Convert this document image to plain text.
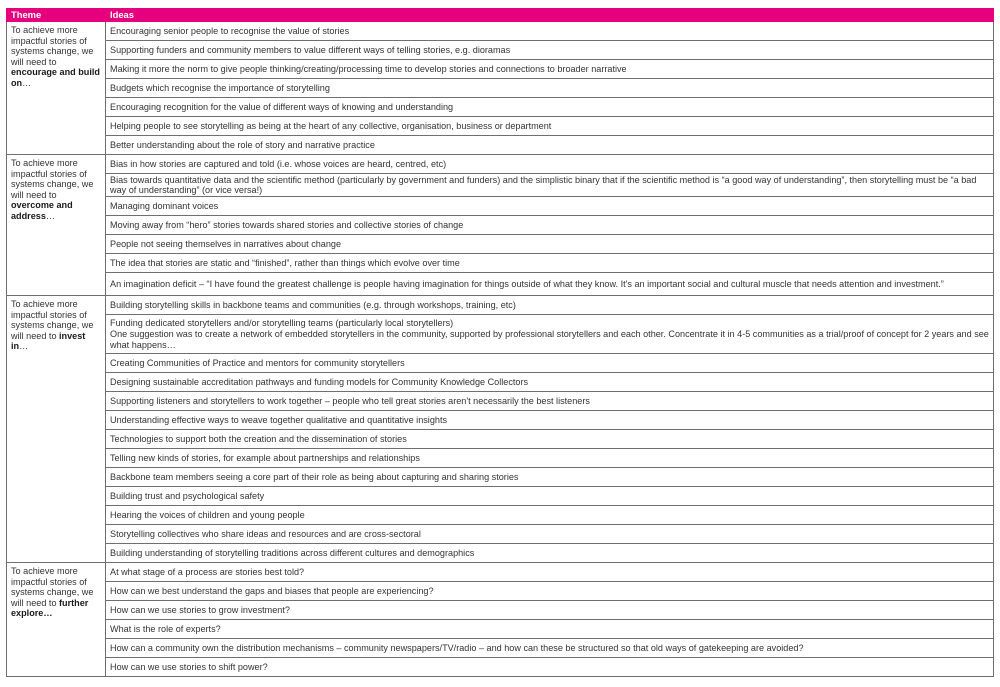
Theme	Ideas
To achieve more impactful stories of systems change, we will need to encourage and build on…	Encouraging senior people to recognise the value of stories
	Supporting funders and community members to value different ways of telling stories, e.g. dioramas
	Making it more the norm to give people thinking/creating/processing time to develop stories and connections to broader narrative
	Budgets which recognise the importance of storytelling
	Encouraging recognition for the value of different ways of knowing and understanding
	Helping people to see storytelling as being at the heart of any collective, organisation, business or department
	Better understanding about the role of story and narrative practice
To achieve more impactful stories of systems change, we will need to overcome and address…	Bias in how stories are captured and told (i.e. whose voices are heard, centred, etc)
	Bias towards quantitative data and the scientific method (particularly by government and funders) and the simplistic binary that if the scientific method is “a good way of understanding”, then storytelling must be “a bad way of understanding” (or vice versa!)
	Managing dominant voices
	Moving away from “hero” stories towards shared stories and collective stories of change
	People not seeing themselves in narratives about change
	The idea that stories are static and “finished”, rather than things which evolve over time
	An imagination deficit – “I have found the greatest challenge is people having imagination for things outside of what they know. It's an important social and cultural muscle that needs attention and investment.”
To achieve more impactful stories of systems change, we will need to invest in…	Building storytelling skills in backbone teams and communities (e.g. through workshops, training, etc)

	Funding dedicated storytellers and/or storytelling teams (particularly local storytellers)
One suggestion was to create a network of embedded storytellers in the community, supported by professional storytellers and each other. Concentrate it in 4-5 communities as a trial/proof of concept for 2 years and see what happens…

	Creating Communities of Practice and mentors for community storytellers
	Designing sustainable accreditation pathways and funding models for Community Knowledge Collectors
	Supporting listeners and storytellers to work together – people who tell great stories aren't necessarily the best listeners
	Understanding effective ways to weave together qualitative and quantitative insights
	Technologies to support both the creation and the dissemination of stories
	Telling new kinds of stories, for example about partnerships and relationships
	Backbone team members seeing a core part of their role as being about capturing and sharing stories
	Building trust and psychological safety
	Hearing the voices of children and young people
	Storytelling collectives who share ideas and resources and are cross-sectoral
	Building understanding of storytelling traditions across different cultures and demographics
To achieve more impactful stories of systems change, we will need to further explore…	At what stage of a process are stories best told?
	How can we best understand the gaps and biases that people are experiencing?
	How can we use stories to grow investment?
	What is the role of experts?
	How can a community own the distribution mechanisms – community newspapers/TV/radio – and how can these be structured so that old ways of gatekeeping are avoided?
	How can we use stories to shift power?
